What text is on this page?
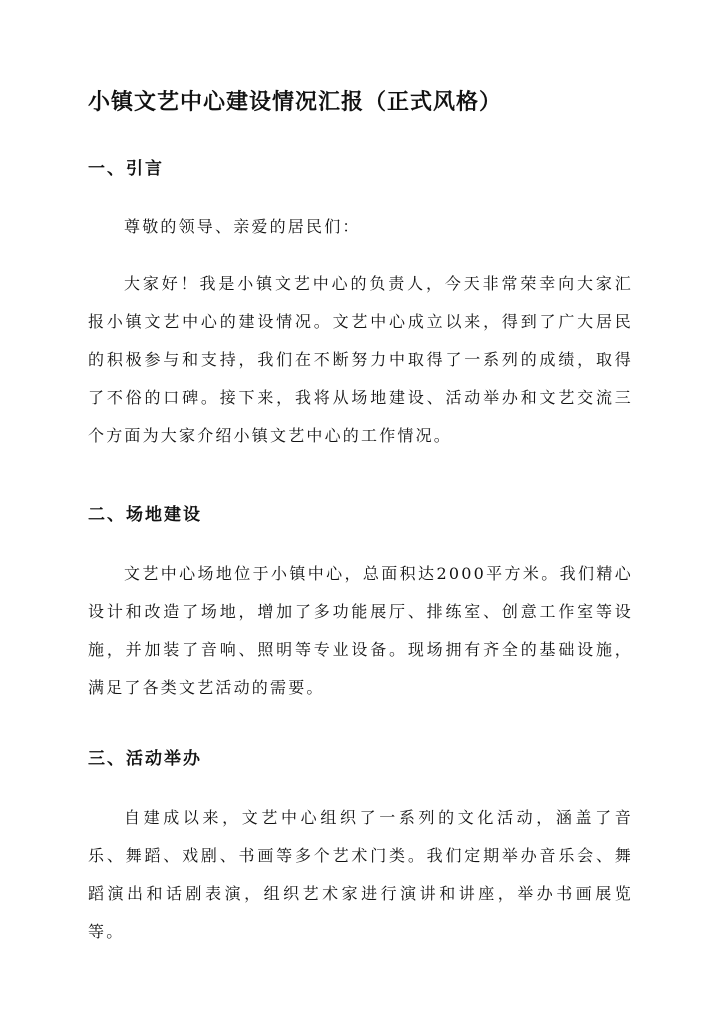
小镇文艺中心建设情况汇报（正式风格）
一、引言

尊敬的领导、亲爱的居民们：

大家好！我是小镇文艺中心的负责人，今天非常荣幸向大家汇报小镇文艺中心的建设情况。文艺中心成立以来，得到了广大居民的积极参与和支持，我们在不断努力中取得了一系列的成绩，取得了不俗的口碑。接下来，我将从场地建设、活动举办和文艺交流三个方面为大家介绍小镇文艺中心的工作情况。

二、场地建设

文艺中心场地位于小镇中心，总面积达2000平方米。我们精心设计和改造了场地，增加了多功能展厅、排练室、创意工作室等设施，并加装了音响、照明等专业设备。现场拥有齐全的基础设施，满足了各类文艺活动的需要。

三、活动举办

自建成以来，文艺中心组织了一系列的文化活动，涵盖了音乐、舞蹈、戏剧、书画等多个艺术门类。我们定期举办音乐会、舞蹈演出和话剧表演，组织艺术家进行演讲和讲座，举办书画展览等。
